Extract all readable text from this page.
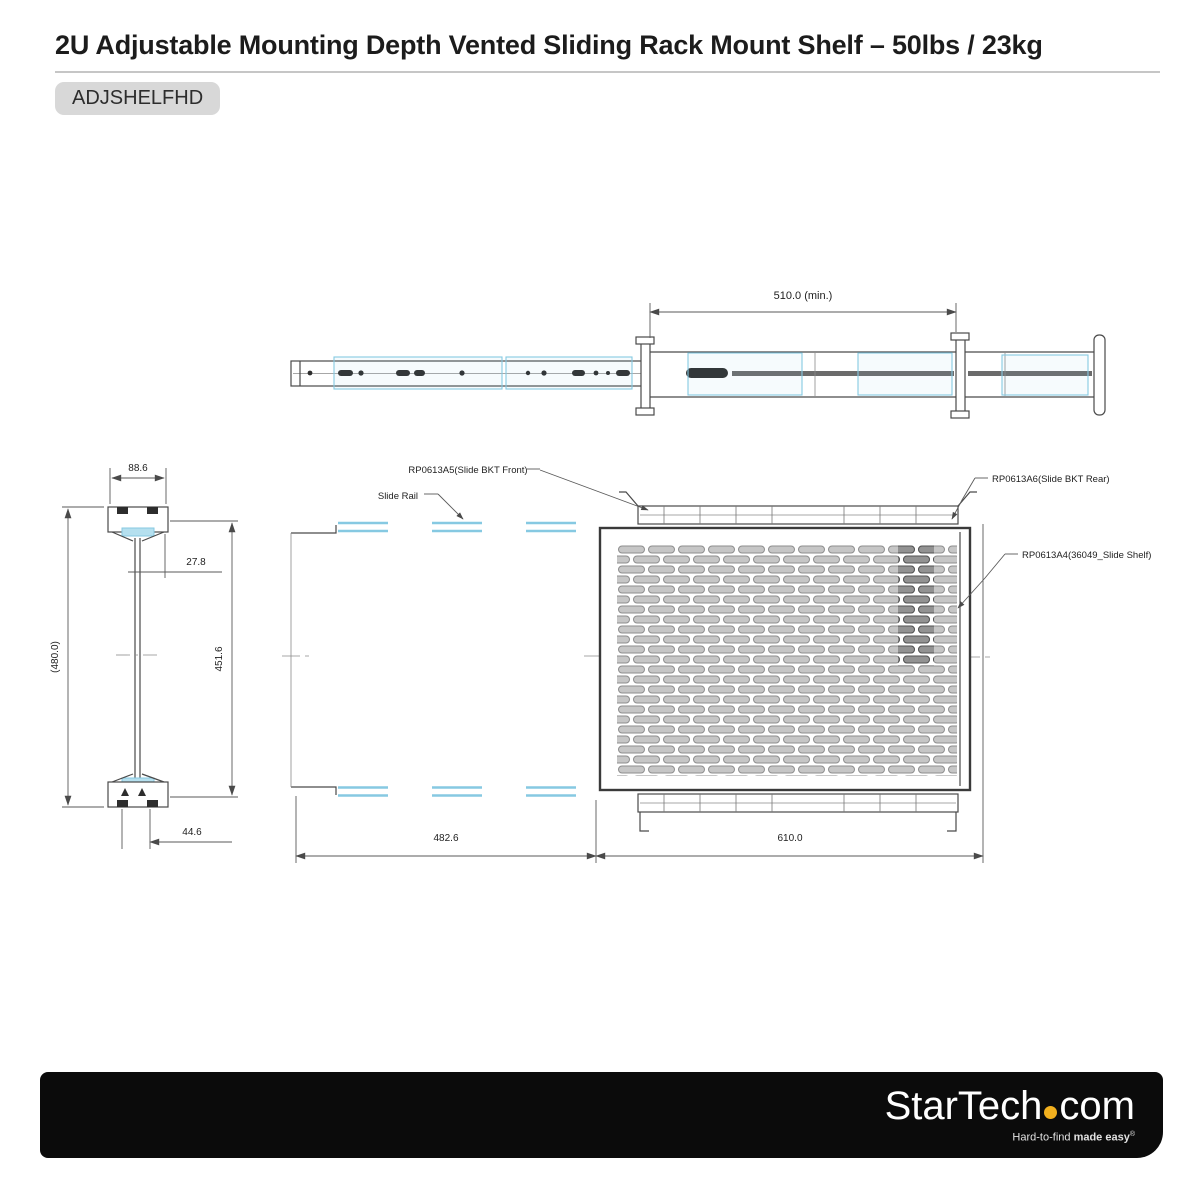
2U Adjustable Mounting Depth Vented Sliding Rack Mount Shelf – 50lbs / 23kg
ADJSHELFHD
510.0 (min.)
88.6
(480.0)	451.6
27.8
44.6
Slide Rail
RP0613A5(Slide BKT Front)
RP0613A6(Slide BKT Rear)
RP0613A4(36049_Slide Shelf)
482.6	610.0
StarTech com
Hard-to-find made easy®
